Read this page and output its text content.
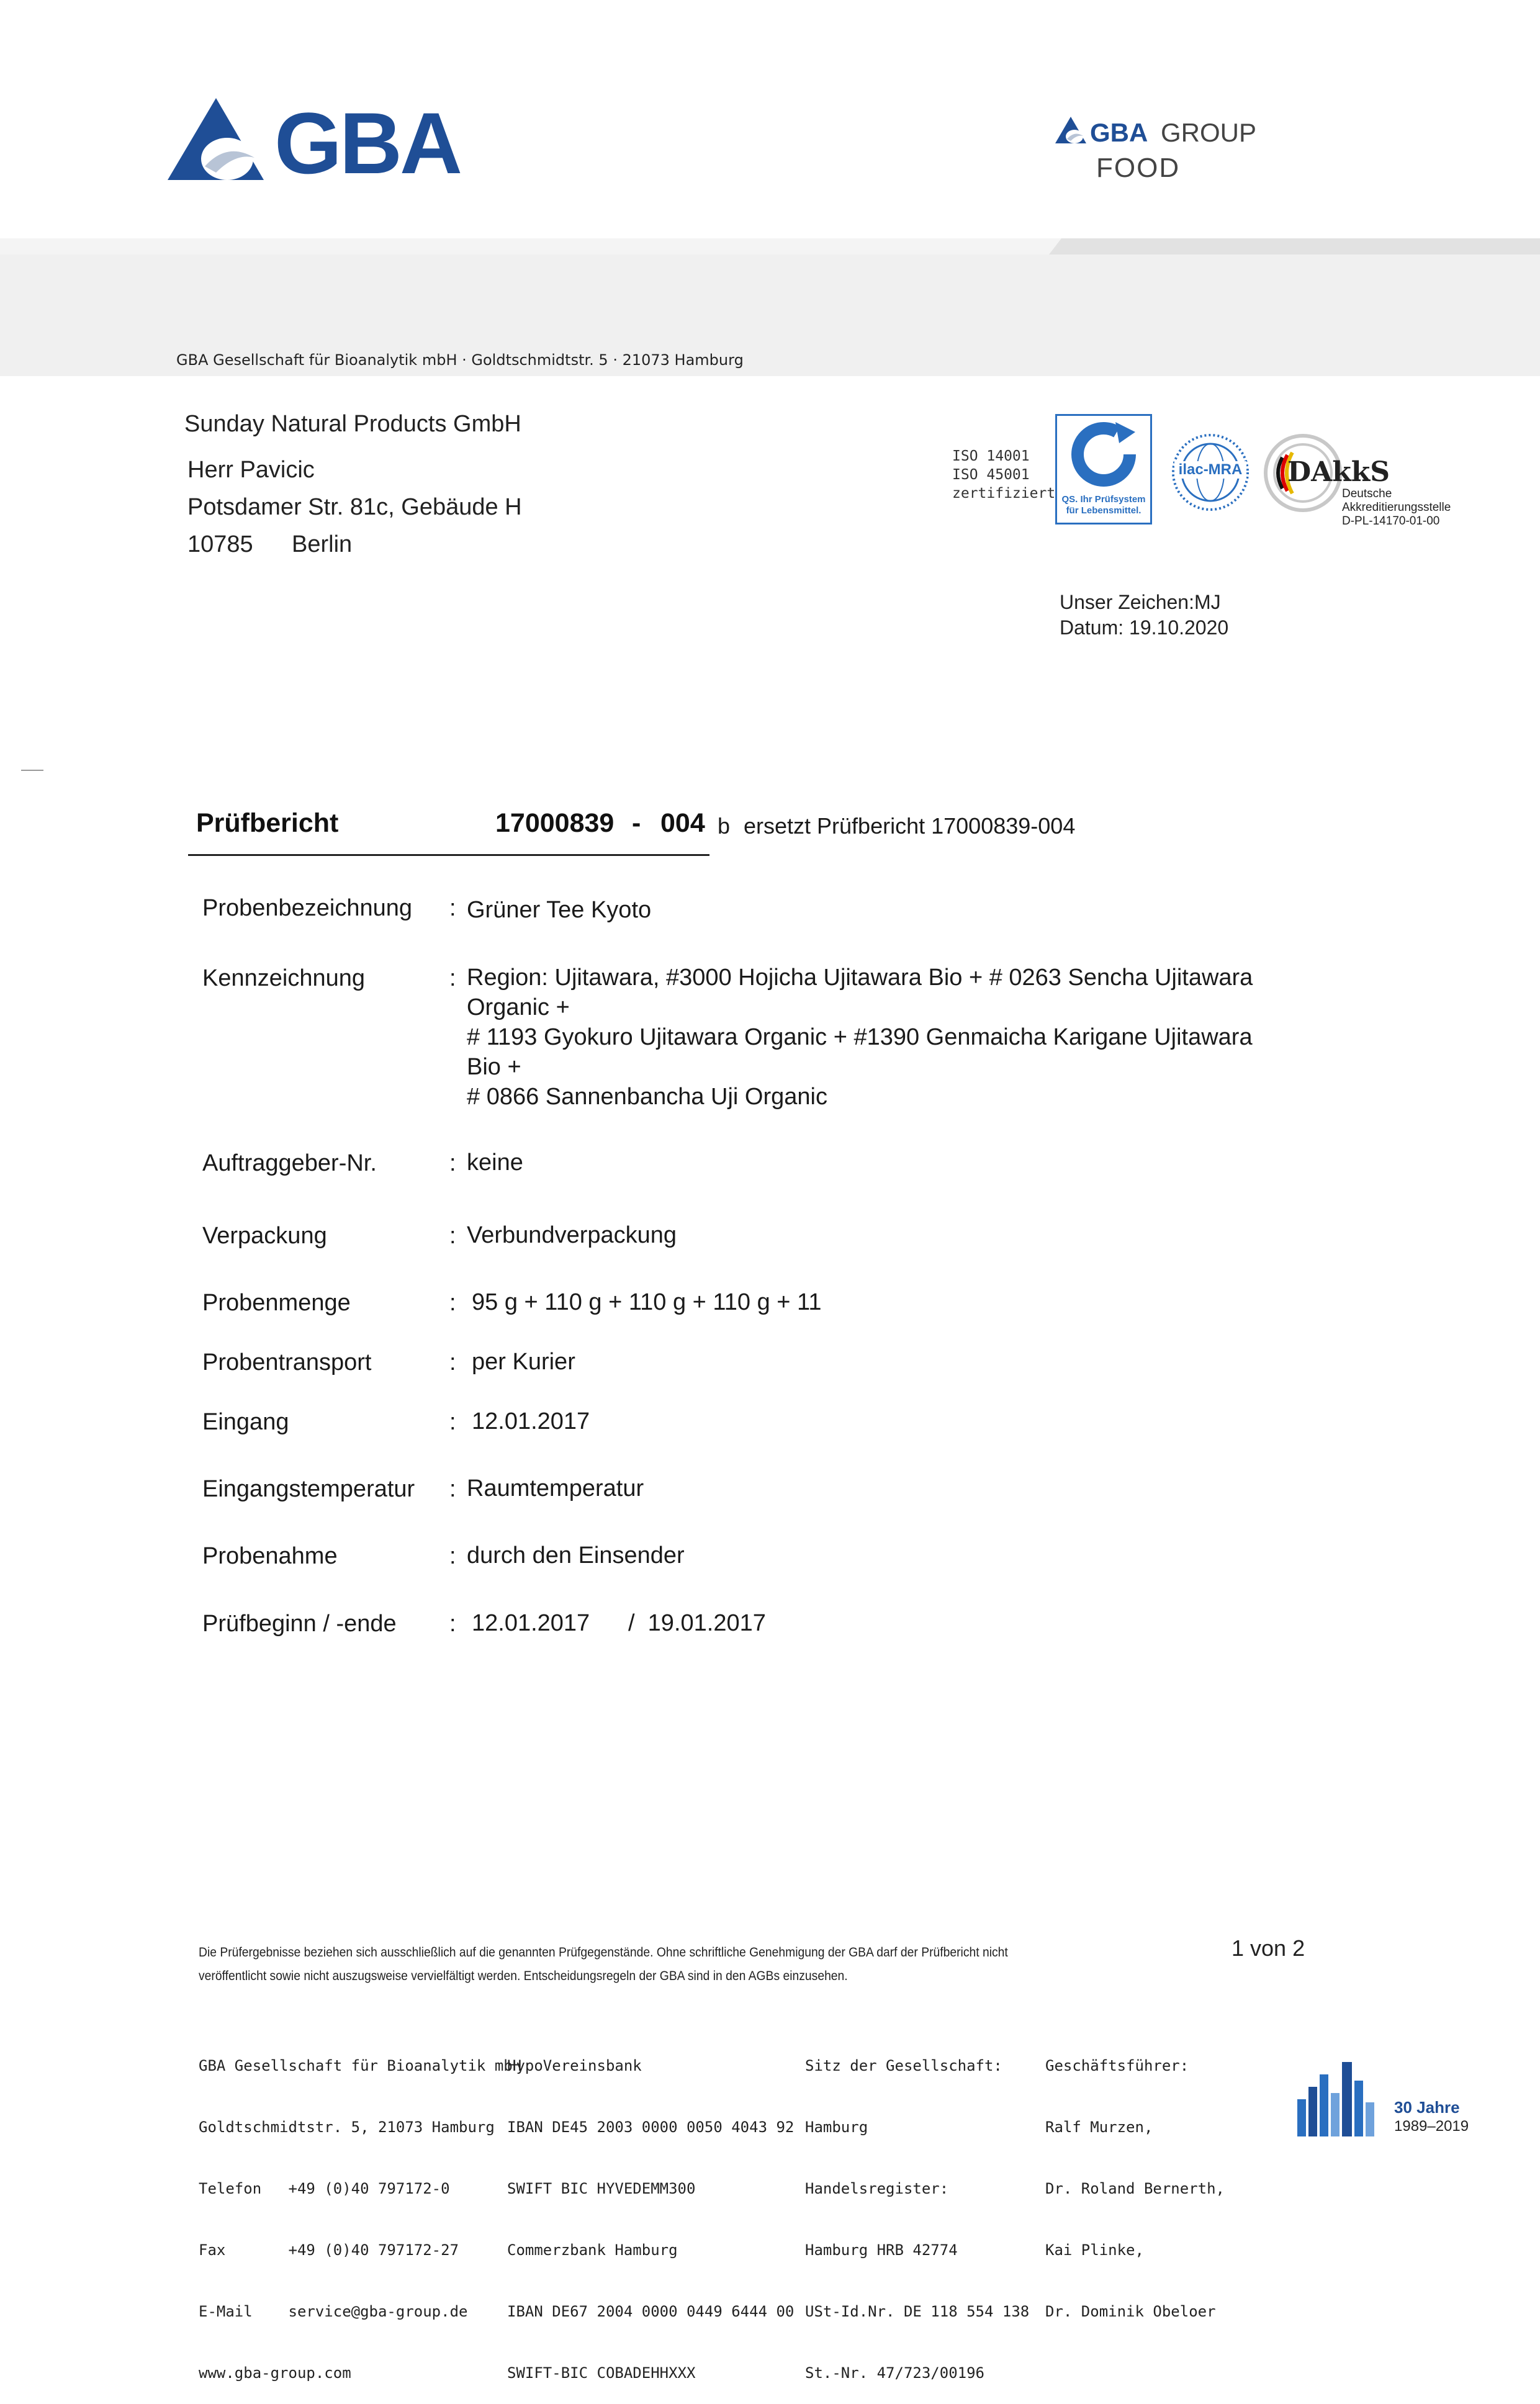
GBA	GBA GROUP
FOOD
GBA Gesellschaft für Bioanalytik mbH · Goldtschmidtstr. 5 · 21073 Hamburg
Sunday Natural Products GmbH
Herr Pavicic
Potsdamer Str. 81c, Gebäude H
10785 Berlin
ISO 14001
ISO 45001
zertifiziert QS. Ihr Prüfsystem für Lebensmittel.
ilac-MRA DAkkS
Deutsche
Akkreditierungsstelle
D-PL-14170-01-00
Unser Zeichen:MJ
Datum: 19.10.2020
Prüfbericht	17000839 - 004 b ersetzt Prüfbericht 17000839-004
Probenbezeichnung : Grüner Tee Kyoto
Kennzeichnung	: Region: Ujitawara, #3000 Hojicha Ujitawara Bio + # 0263 Sencha Ujitawara
Organic +
# 1193 Gyokuro Ujitawara Organic + #1390 Genmaicha Karigane Ujitawara
Bio +
# 0866 Sannenbancha Uji Organic
Auftraggeber-Nr.	: keine
Verpackung	: Verbundverpackung
Probenmenge	: 95 g + 110 g + 110 g + 110 g + 11
Probentransport	: per Kurier
Eingang	: 12.01.2017
Eingangstemperatur : Raumtemperatur
Probenahme	: durch den Einsender
Prüfbeginn / -ende : 12.01.2017	/  19.01.2017
Die Prüfergebnisse beziehen sich ausschließlich auf die genannten Prüfgegenstände. Ohne schriftliche Genehmigung der GBA darf der Prüfbericht nicht
veröffentlicht sowie nicht auszugsweise vervielfältigt werden. Entscheidungsregeln der GBA sind in den AGBs einzusehen.
1 von 2

GBA Gesellschaft für Bioanalytik mbH

Goldtschmidtstr. 5, 21073 Hamburg

Telefon   +49 (0)40 797172-0

Fax       +49 (0)40 797172-27

E-Mail    service@gba-group.de

www.gba-group.com

HypoVereinsbank

IBAN DE45 2003 0000 0050 4043 92

SWIFT BIC HYVEDEMM300

Commerzbank Hamburg

IBAN DE67 2004 0000 0449 6444 00

SWIFT-BIC COBADEHHXXX

Sitz der Gesellschaft:

Hamburg

Handelsregister:

Hamburg HRB 42774

USt-Id.Nr. DE 118 554 138

St.-Nr. 47/723/00196

Geschäftsführer:

Ralf Murzen,

Dr. Roland Bernerth,

Kai Plinke,

Dr. Dominik Obeloer

30 Jahre
1989–2019
